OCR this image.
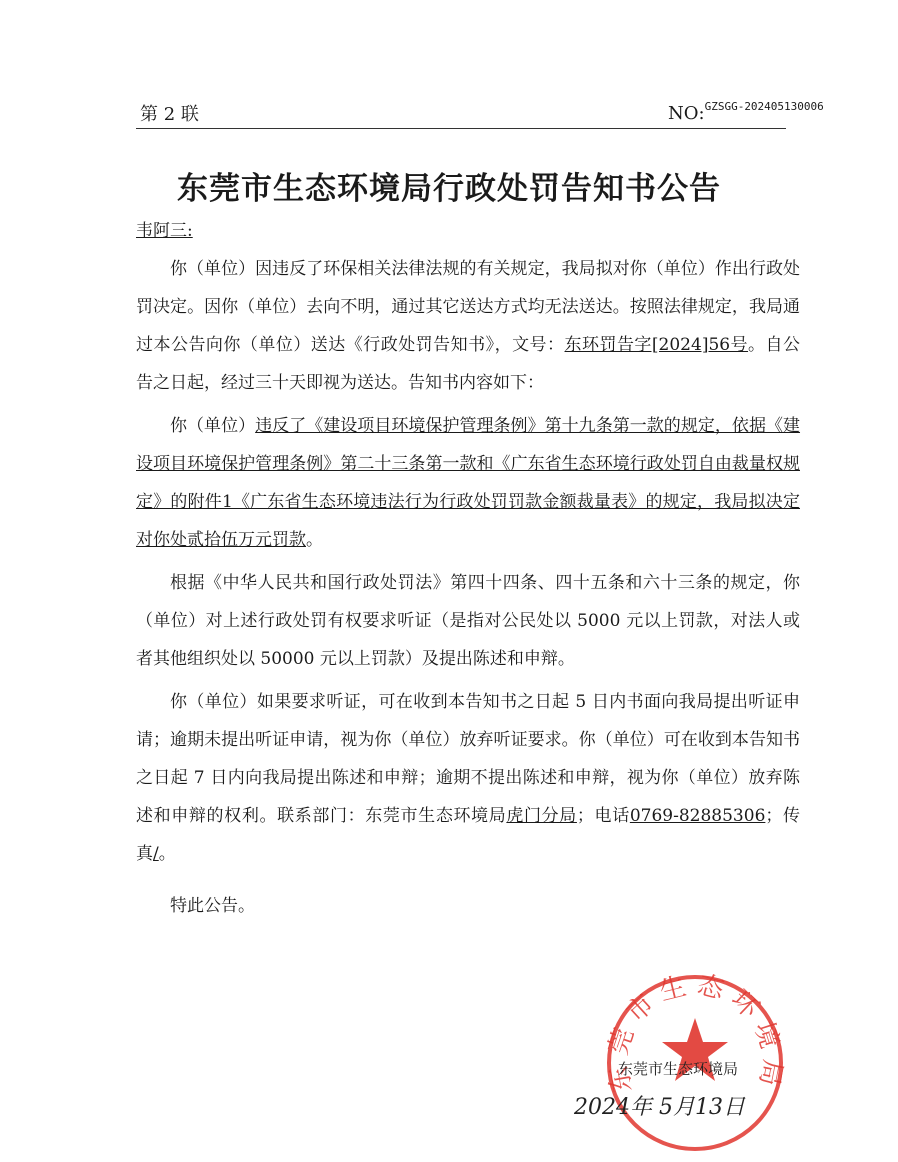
第 2 联	NO:$^{GZSGG-202405130006}$
东莞市生态环境局行政处罚告知书公告
韦阿三:

你（单位）因违反了环保相关法律法规的有关规定，我局拟对你（单位）作出行政处罚决定。因你（单位）去向不明，通过其它送达方式均无法送达。按照法律规定，我局通过本公告向你（单位）送达《行政处罚告知书》，文号：东环罚告字[2024]56号。自公告之日起，经过三十天即视为送达。告知书内容如下：

你（单位）违反了《建设项目环境保护管理条例》第十九条第一款的规定，依据《建设项目环境保护管理条例》第二十三条第一款和《广东省生态环境行政处罚自由裁量权规定》的附件1《广东省生态环境违法行为行政处罚罚款金额裁量表》的规定，我局拟决定对你处贰拾伍万元罚款。

根据《中华人民共和国行政处罚法》第四十四条、四十五条和六十三条的规定，你（单位）对上述行政处罚有权要求听证（是指对公民处以 5000 元以上罚款，对法人或者其他组织处以 50000 元以上罚款）及提出陈述和申辩。

你（单位）如果要求听证，可在收到本告知书之日起 5 日内书面向我局提出听证申请；逾期未提出听证申请，视为你（单位）放弃听证要求。你（单位）可在收到本告知书之日起 7 日内向我局提出陈述和申辩；逾期不提出陈述和申辩，视为你（单位）放弃陈述和申辩的权利。联系部门：东莞市生态环境局虎门分局；电话0769-82885306；传真/。

特此公告。

东莞市生态环境局
东莞市生态环境局
2024年 5月13日
